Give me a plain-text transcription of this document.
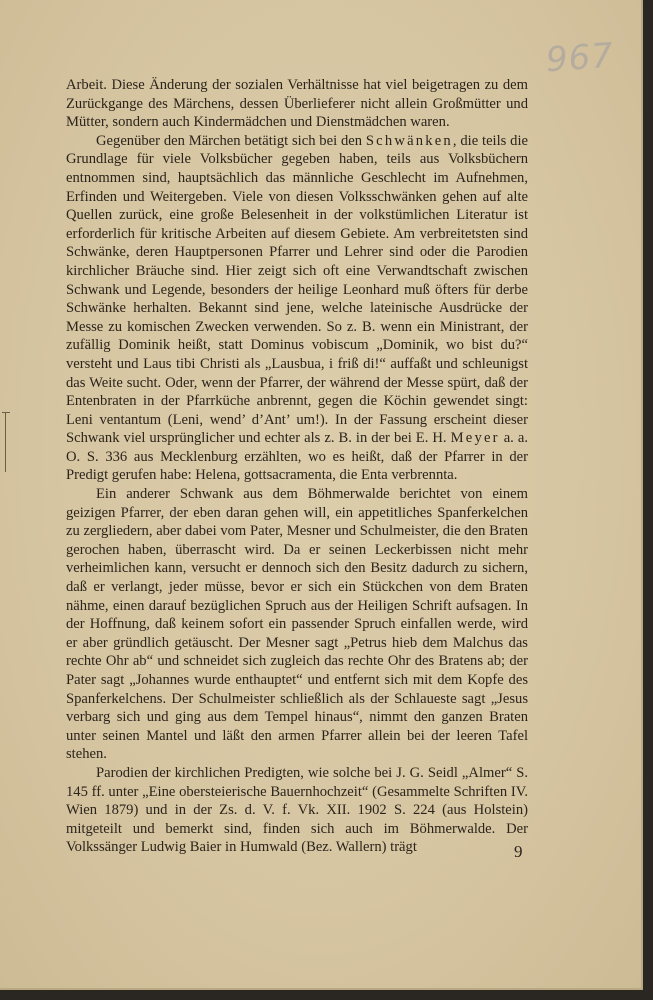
967

Arbeit. Diese Änderung der sozialen Verhältnisse hat viel beigetragen zu dem Zurückgange des Märchens, dessen Überlieferer nicht allein Großmütter und Mütter, sondern auch Kindermädchen und Dienstmädchen waren.

Gegenüber den Märchen betätigt sich bei den Schwänken, die teils die Grundlage für viele Volksbücher gegeben haben, teils aus Volksbüchern entnommen sind, hauptsächlich das männliche Geschlecht im Aufnehmen, Erfinden und Weitergeben. Viele von diesen Volksschwänken gehen auf alte Quellen zurück, eine große Belesenheit in der volkstümlichen Literatur ist erforderlich für kritische Arbeiten auf diesem Gebiete. Am verbreitetsten sind Schwänke, deren Hauptpersonen Pfarrer und Lehrer sind oder die Parodien kirchlicher Bräuche sind. Hier zeigt sich oft eine Verwandtschaft zwischen Schwank und Legende, besonders der heilige Leonhard muß öfters für derbe Schwänke herhalten. Bekannt sind jene, welche lateinische Ausdrücke der Messe zu komischen Zwecken verwenden. So z. B. wenn ein Ministrant, der zufällig Dominik heißt, statt Dominus vobiscum „Dominik, wo bist du?“ versteht und Laus tibi Christi als „Lausbua, i friß di!“ auffaßt und schleunigst das Weite sucht. Oder, wenn der Pfarrer, der während der Messe spürt, daß der Entenbraten in der Pfarrküche anbrennt, gegen die Köchin gewendet singt: Leni ventantum (Leni, wend’ d’Ant’ um!). In der Fassung erscheint dieser Schwank viel ursprünglicher und echter als z. B. in der bei E. H. Meyer a. a. O. S. 336 aus Mecklenburg erzählten, wo es heißt, daß der Pfarrer in der Predigt gerufen habe: Helena, gottsacramenta, die Enta verbrennta.

Ein anderer Schwank aus dem Böhmerwalde berichtet von einem geizigen Pfarrer, der eben daran gehen will, ein appetitliches Spanferkelchen zu zergliedern, aber dabei vom Pater, Mesner und Schulmeister, die den Braten gerochen haben, überrascht wird. Da er seinen Leckerbissen nicht mehr verheimlichen kann, versucht er dennoch sich den Besitz dadurch zu sichern, daß er verlangt, jeder müsse, bevor er sich ein Stückchen von dem Braten nähme, einen darauf bezüglichen Spruch aus der Heiligen Schrift aufsagen. In der Hoffnung, daß keinem sofort ein passender Spruch einfallen werde, wird er aber gründlich getäuscht. Der Mesner sagt „Petrus hieb dem Malchus das rechte Ohr ab“ und schneidet sich zugleich das rechte Ohr des Bratens ab; der Pater sagt „Johannes wurde enthauptet“ und entfernt sich mit dem Kopfe des Spanferkelchens. Der Schulmeister schließlich als der Schlaueste sagt „Jesus verbarg sich und ging aus dem Tempel hinaus“, nimmt den ganzen Braten unter seinen Mantel und läßt den armen Pfarrer allein bei der leeren Tafel stehen.

Parodien der kirchlichen Predigten, wie solche bei J. G. Seidl „Almer“ S. 145 ff. unter „Eine obersteierische Bauernhochzeit“ (Gesammelte Schriften IV. Wien 1879) und in der Zs. d. V. f. Vk. XII. 1902 S. 224 (aus Holstein) mitgeteilt und bemerkt sind, finden sich auch im Böhmerwalde. Der Volkssänger Ludwig Baier in Humwald (Bez. Wallern) trägt	9
